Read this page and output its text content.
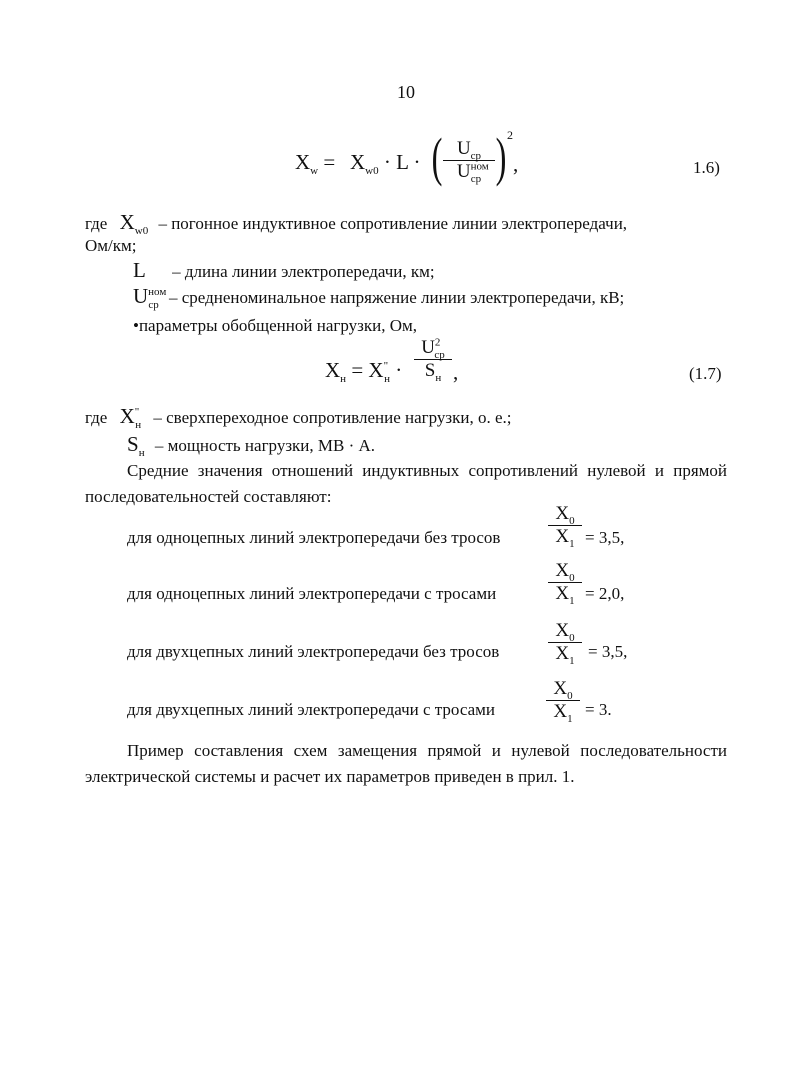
10
$X_w = X_{w0} \cdot L$ · ( $U_{ср}$
$U^{ном}_{ср}$ ) 2
,	1.6)
где $X_{w0}$ – погонное индуктивное сопротивление линии электропередачи,
Ом/км;
L – длина линии электропередачи, км;
$U^{ном}_{ср}$ – средненоминальное напряжение линии электропередачи, кВ;
•параметры обобщенной нагрузки, Ом,
$X_н = X^"_н$ ·
$U^2_{ср}$
$S_н$ ,	(1.7)
где $X^"_н$ – сверхпереходное сопротивление нагрузки, о. е.;
$S_н$ – мощность нагрузки, МВ · А.
Средние значения отношений индуктивных сопротивлений нулевой и прямой последовательностей составляют:
для одноцепных линий электропередачи без тросов
$X_0$
$X_1 = 3,5$,
для одноцепных линий электропередачи с тросами
$X_0$
$X_1 = 2,0$,
для двухцепных линий электропередачи без тросов
$X_0$
$X_1 = 3,5$,
для двухцепных линий электропередачи с тросами
$X_0$
$X_1 = 3$.
Пример составления схем замещения прямой и нулевой последовательности электрической системы и расчет их параметров приведен в прил. 1.
